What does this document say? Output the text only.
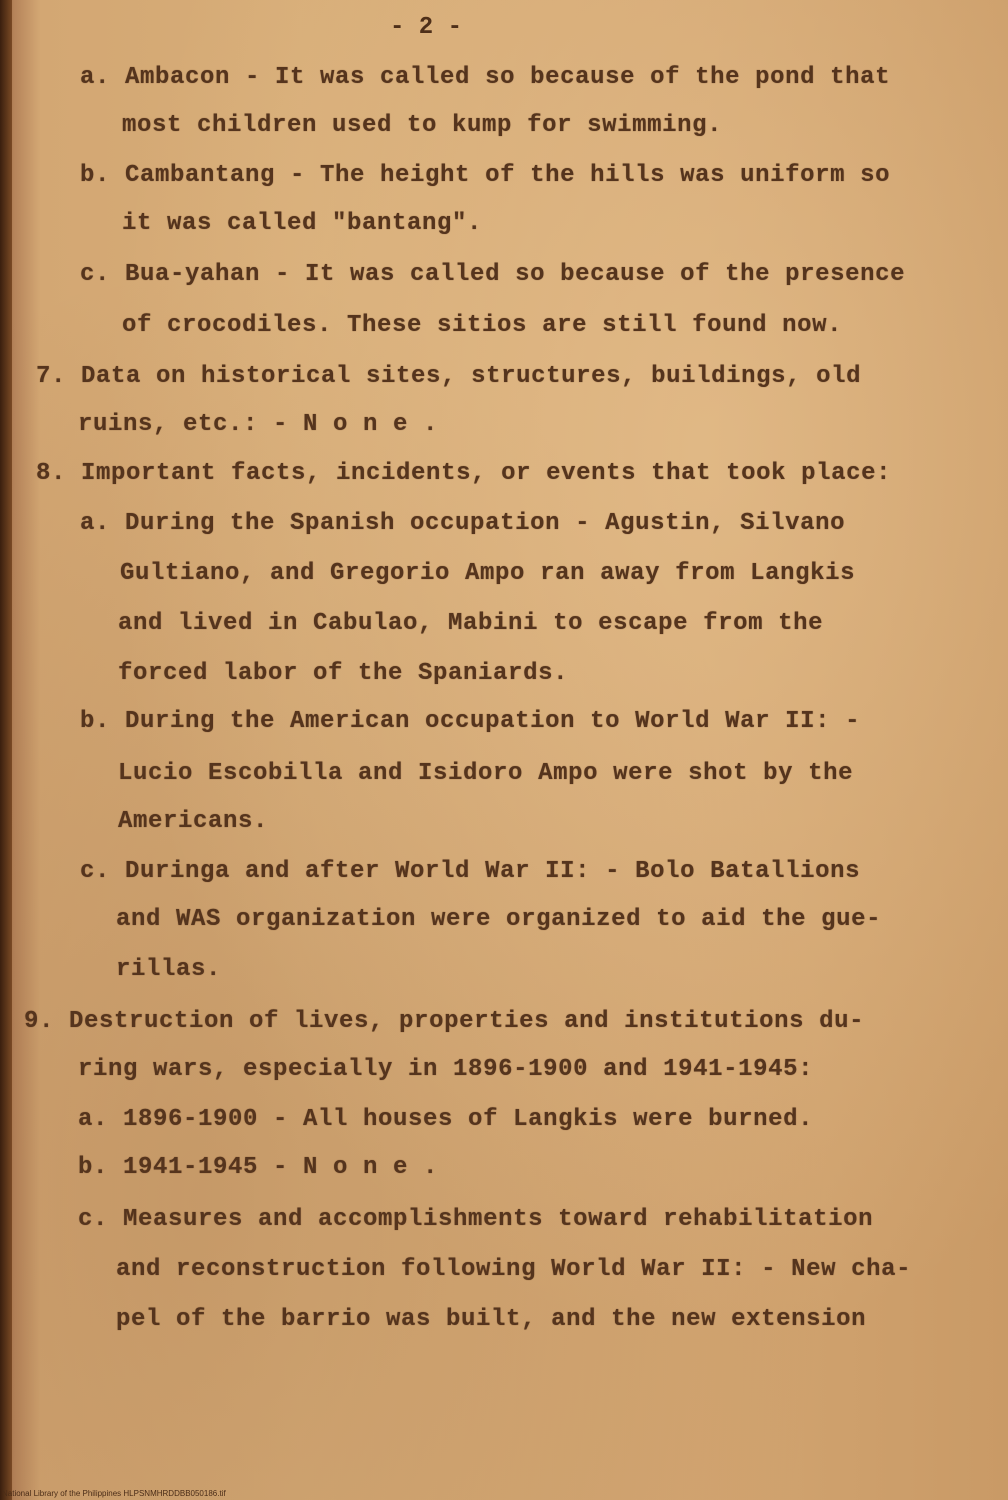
- 2 -
a. Ambacon - It was called so because of the pond that
most children used to kump for swimming.
b. Cambantang - The height of the hills was uniform so
it was called "bantang".
c. Bua-yahan - It was called so because of the presence
of crocodiles. These sitios are still found now.
7. Data on historical sites, structures, buildings, old
ruins, etc.: - N o n e .
8. Important facts, incidents, or events that took place:
a. During the Spanish occupation - Agustin, Silvano
Gultiano, and Gregorio Ampo ran away from Langkis
and lived in Cabulao, Mabini to escape from the
forced labor of the Spaniards.
b. During the American occupation to World War II: -
Lucio Escobilla and Isidoro Ampo were shot by the
Americans.
c. Duringa and after World War II: - Bolo Batallions
and WAS organization were organized to aid the gue-
rillas.
9. Destruction of lives, properties and institutions du-
ring wars, especially in 1896-1900 and 1941-1945:
a. 1896-1900 - All houses of Langkis were burned.
b. 1941-1945 - N o n e .
c. Measures and accomplishments toward rehabilitation
and reconstruction following World War II: - New cha-
pel of the barrio was built, and the new extension
National Library of the Philippines HLPSNMHRDDBB050186.tif
